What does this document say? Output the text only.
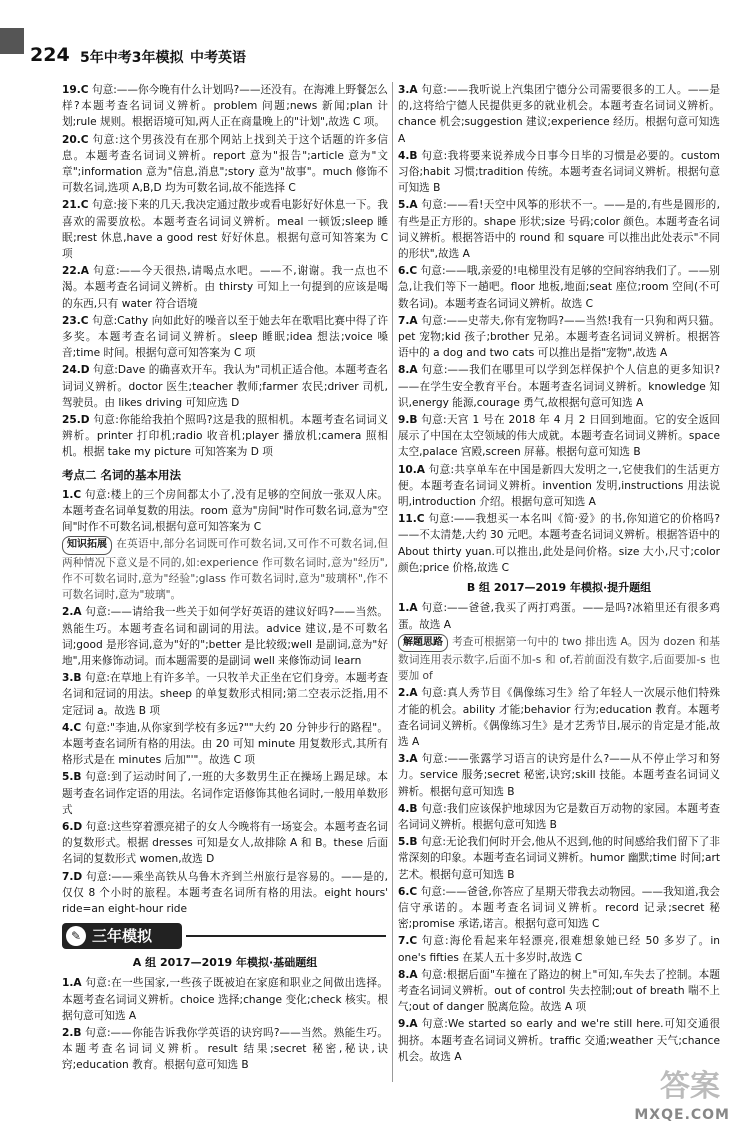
224 5年中考3年模拟 中考英语
19.C 句意:——你今晚有什么计划吗?——还没有。在海滩上野餐怎么样?本题考查名词词义辨析。problem 问题;news 新闻;plan 计划;rule 规则。根据语境可知,两人正在商量晚上的"计划",故选 C 项。
20.C 句意:这个男孩没有在那个网站上找到关于这个话题的许多信息。本题考查名词词义辨析。report 意为"报告";article 意为"文章";information 意为"信息,消息";story 意为"故事"。much 修饰不可数名词,选项 A,B,D 均为可数名词,故不能选择 C
21.C 句意:接下来的几天,我决定通过散步或看电影好好休息一下。我喜欢的需要放松。本题考查名词词义辨析。meal 一顿饭;sleep 睡眠;rest 休息,have a good rest 好好休息。根据句意可知答案为 C 项
22.A 句意:——今天很热,请喝点水吧。——不,谢谢。我一点也不渴。本题考查名词词义辨析。由 thirsty 可知上一句提到的应该是喝的东西,只有 water 符合语境
23.C 句意:Cathy 向如此好的噪音以至于她去年在歌唱比赛中得了许多奖。本题考查名词词义辨析。sleep 睡眠;idea 想法;voice 嗓音;time 时间。根据句意可知答案为 C 项
24.D 句意:Dave 的确喜欢开车。我认为"司机正适合他。本题考查名词词义辨析。doctor 医生;teacher 教师;farmer 农民;driver 司机,驾驶员。由 likes driving 可知应选 D
25.D 句意:你能给我拍个照吗?这是我的照相机。本题考查名词词义辨析。printer 打印机;radio 收音机;player 播放机;camera 照相机。根据 take my picture 可知答案为 D 项
考点二 名词的基本用法
1.C 句意:楼上的三个房间都太小了,没有足够的空间放一张双人床。本题考查名词单复数的用法。room 意为"房间"时作可数名词,意为"空间"时作不可数名词,根据句意可知答案为 C
知识拓展 在英语中,部分名词既可作可数名词,又可作不可数名词,但两种情况下意义是不同的,如:experience 作可数名词时,意为"经历",作不可数名词时,意为"经验";glass 作可数名词时,意为"玻璃杯",作不可数名词时,意为"玻璃"。
2.A 句意:——请给我一些关于如何学好英语的建议好吗?——当然。熟能生巧。本题考查名词和副词的用法。advice 建议,是不可数名词;good 是形容词,意为"好的";better 是比较级;well 是副词,意为"好地",用来修饰动词。而本题需要的是副词 well 来修饰动词 learn
3.B 句意:在草地上有许多羊。一只牧羊犬正坐在它们身旁。本题考查名词和冠词的用法。sheep 的单复数形式相同;第二空表示泛指,用不定冠词 a。故选 B 项
4.C 句意:"李迪,从你家到学校有多远?""大约 20 分钟步行的路程"。本题考查名词所有格的用法。由 20 可知 minute 用复数形式,其所有格形式是在 minutes 后加"'"。故选 C 项
5.B 句意:到了运动时间了,一班的大多数男生正在操场上踢足球。本题考查名词作定语的用法。名词作定语修饰其他名词时,一般用单数形式
6.D 句意:这些穿着漂亮裙子的女人今晚将有一场宴会。本题考查名词的复数形式。根据 dresses 可知是女人,故排除 A 和 B。these 后面名词的复数形式 women,故选 D
7.D 句意:——乘坐高铁从乌鲁木齐到兰州旅行是容易的。——是的,仅仅 8 个小时的旅程。本题考查名词所有格的用法。eight hours' ride=an eight-hour ride
✎ 三年模拟
A 组 2017—2019 年模拟·基础题组
1.A 句意:在一些国家,一些孩子既被迫在家庭和职业之间做出选择。本题考查名词词义辨析。choice 选择;change 变化;check 核实。根据句意可知选 A
2.B 句意:——你能告诉我你学英语的诀窍吗?——当然。熟能生巧。本题考查名词词义辨析。result 结果;secret 秘密,秘诀,诀窍;education 教育。根据句意可知选 B
3.A 句意:——我听说上汽集团宁德分公司需要很多的工人。——是的,这将给宁德人民提供更多的就业机会。本题考查名词词义辨析。chance 机会;suggestion 建议;experience 经历。根据句意可知选 A
4.B 句意:我将要来说养成今日事今日毕的习惯是必要的。custom 习俗;habit 习惯;tradition 传统。本题考查名词词义辨析。根据句意可知选 B
5.A 句意:——看!天空中风筝的形状不一。——是的,有些是圆形的,有些是正方形的。shape 形状;size 号码;color 颜色。本题考查名词词义辨析。根据答语中的 round 和 square 可以推出此处表示"不同的形状",故选 A
6.C 句意:——哦,亲爱的!电梯里没有足够的空间容纳我们了。——别急,让我们等下一趟吧。floor 地板,地面;seat 座位;room 空间(不可数名词)。本题考查名词词义辨析。故选 C
7.A 句意:——史蒂夫,你有宠物吗?——当然!我有一只狗和两只猫。pet 宠物;kid 孩子;brother 兄弟。本题考查名词词义辨析。根据答语中的 a dog and two cats 可以推出是指"宠物",故选 A
8.A 句意:——我们在哪里可以学到怎样保护个人信息的更多知识?——在学生安全教育平台。本题考查名词词义辨析。knowledge 知识,energy 能源,courage 勇气,故根据句意可知选 A
9.B 句意:天宫 1 号在 2018 年 4 月 2 日回到地面。它的安全返回展示了中国在太空领域的伟大成就。本题考查名词词义辨析。space 太空,palace 宫殿,screen 屏幕。根据句意可知选 B
10.A 句意:共享单车在中国是新四大发明之一,它使我们的生活更方便。本题考查名词词义辨析。invention 发明,instructions 用法说明,introduction 介绍。根据句意可知选 A
11.C 句意:——我想买一本名叫《简·爱》的书,你知道它的价格吗?——不太清楚,大约 30 元吧。本题考查名词词义辨析。根据答语中的 About thirty yuan.可以推出,此处是问价格。size 大小,尺寸;color 颜色;price 价格,故选 C
B 组 2017—2019 年模拟·提升题组
1.A 句意:——爸爸,我买了两打鸡蛋。——是吗?冰箱里还有很多鸡蛋。故选 A
解题思路 考查可根据第一句中的 two 排出选 A。因为 dozen 和基数词连用表示数字,后面不加-s 和 of,若前面没有数字,后面要加-s 也要加 of
2.A 句意:真人秀节目《偶像练习生》给了年轻人一次展示他们特殊才能的机会。ability 才能;behavior 行为;education 教育。本题考查名词词义辨析。《偶像练习生》是才艺秀节目,展示的肯定是才能,故选 A
3.A 句意:——张露学习语言的诀窍是什么?——从不停止学习和努力。service 服务;secret 秘密,诀窍;skill 技能。本题考查名词词义辨析。根据句意可知选 B
4.B 句意:我们应该保护地球因为它是数百万动物的家园。本题考查名词词义辨析。根据句意可知选 B
5.B 句意:无论我们何时开会,他从不迟到,他的时间感给我们留下了非常深刻的印象。本题考查名词词义辨析。humor 幽默;time 时间;art 艺术。根据句意可知选 B
6.C 句意:——爸爸,你答应了星期天带我去动物园。——我知道,我会信守承诺的。本题考查名词词义辨析。record 记录;secret 秘密;promise 承诺,诺言。根据句意可知选 C
7.C 句意:海伦看起来年轻漂亮,很难想象她已经 50 多岁了。in one's fifties 在某人五十多岁时,故选 C
8.A 句意:根据后面"车撞在了路边的树上"可知,车失去了控制。本题考查名词词义辨析。out of control 失去控制;out of breath 喘不上气;out of danger 脱离危险。故选 A 项
9.A 句意:We started so early and we're still here.可知交通很拥挤。本题考查名词词义辨析。traffic 交通;weather 天气;chance 机会。故选 A
答案
MXQE.COM
